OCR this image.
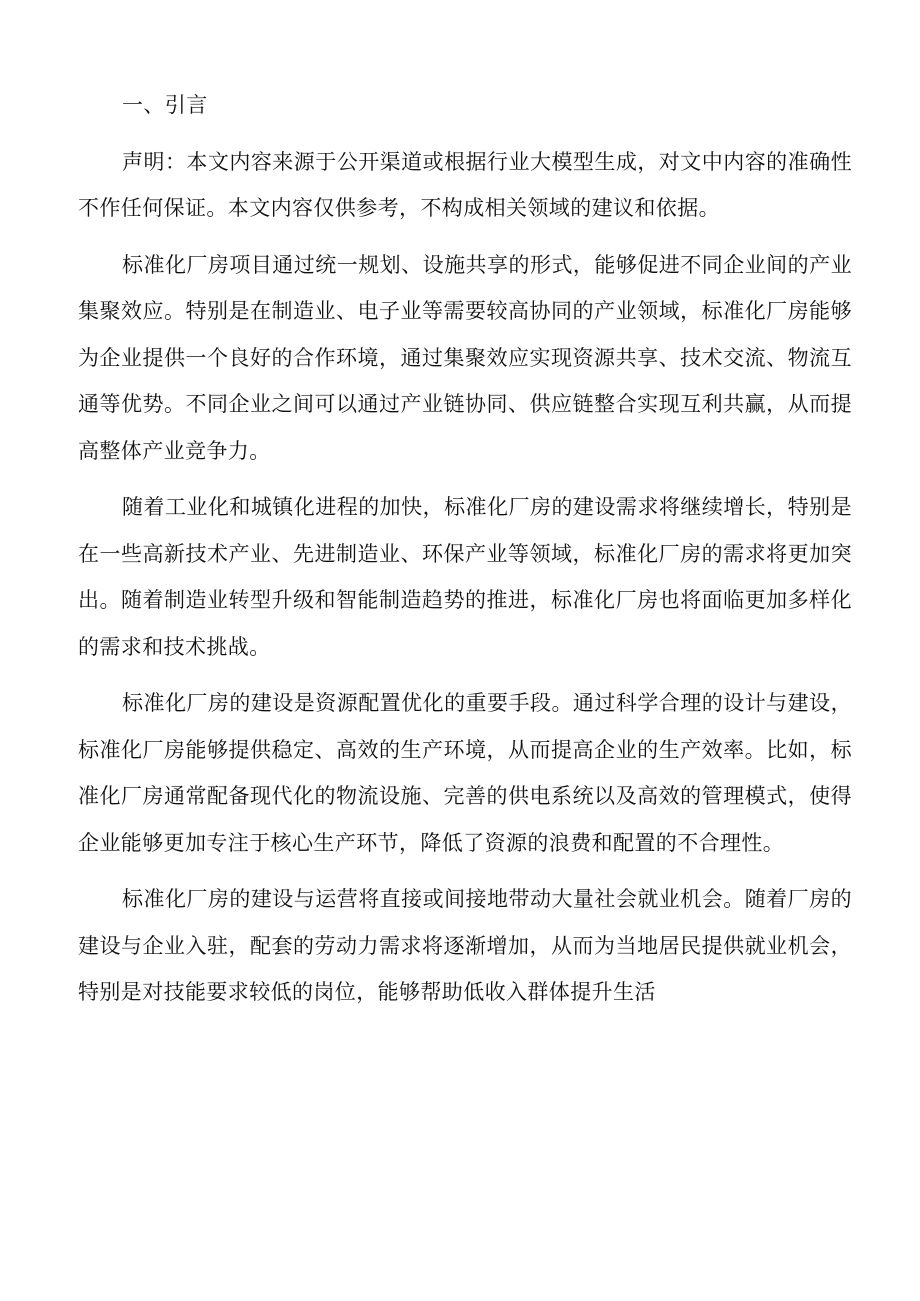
一、引言

声明：本文内容来源于公开渠道或根据行业大模型生成，对文中内容的准确性不作任何保证。本文内容仅供参考，不构成相关领域的建议和依据。

标准化厂房项目通过统一规划、设施共享的形式，能够促进不同企业间的产业集聚效应。特别是在制造业、电子业等需要较高协同的产业领域，标准化厂房能够为企业提供一个良好的合作环境，通过集聚效应实现资源共享、技术交流、物流互通等优势。不同企业之间可以通过产业链协同、供应链整合实现互利共赢，从而提高整体产业竞争力。

随着工业化和城镇化进程的加快，标准化厂房的建设需求将继续增长，特别是在一些高新技术产业、先进制造业、环保产业等领域，标准化厂房的需求将更加突出。随着制造业转型升级和智能制造趋势的推进，标准化厂房也将面临更加多样化的需求和技术挑战。

标准化厂房的建设是资源配置优化的重要手段。通过科学合理的设计与建设，标准化厂房能够提供稳定、高效的生产环境，从而提高企业的生产效率。比如，标准化厂房通常配备现代化的物流设施、完善的供电系统以及高效的管理模式，使得企业能够更加专注于核心生产环节，降低了资源的浪费和配置的不合理性。

标准化厂房的建设与运营将直接或间接地带动大量社会就业机会。随着厂房的建设与企业入驻，配套的劳动力需求将逐渐增加，从而为当地居民提供就业机会，特别是对技能要求较低的岗位，能够帮助低收入群体提升生活
